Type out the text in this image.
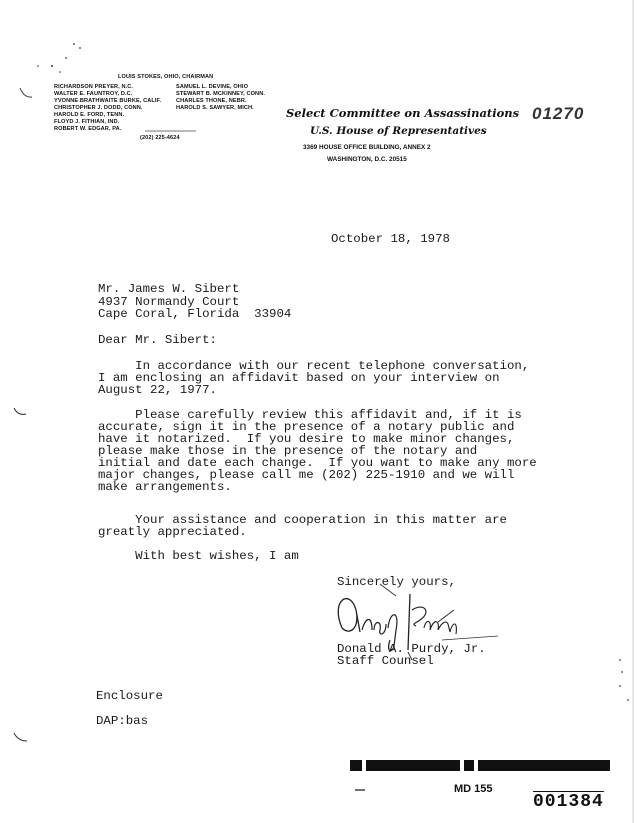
LOUIS STOKES, OHIO, CHAIRMAN
RICHARDSON PREYER, N.C.
WALTER E. FAUNTROY, D.C.
YVONNE BRATHWAITE BURKE, CALIF.
CHRISTOPHER J. DODD, CONN.
HAROLD E. FORD, TENN.
FLOYD J. FITHIAN, IND.
ROBERT W. EDGAR, PA.
SAMUEL L. DEVINE, OHIO
STEWART B. MCKINNEY, CONN.
CHARLES THONE, NEBR.
HAROLD S. SAWYER, MICH.
(202) 225-4624
Select Committee on Assassinations
U.S. House of Representatives
3369 HOUSE OFFICE BUILDING, ANNEX 2
WASHINGTON, D.C. 20515
01270
October 18, 1978
Mr. James W. Sibert
4937 Normandy Court
Cape Coral, Florida  33904
Dear Mr. Sibert:
In accordance with our recent telephone conversation,
I am enclosing an affidavit based on your interview on
August 22, 1977.
Please carefully review this affidavit and, if it is
accurate, sign it in the presence of a notary public and
have it notarized.  If you desire to make minor changes,
please make those in the presence of the notary and
initial and date each change.  If you want to make any more
major changes, please call me (202) 225-1910 and we will
make arrangements.
Your assistance and cooperation in this matter are
greatly appreciated.
With best wishes, I am
Sincerely yours,
Donald A. Purdy, Jr.
Staff Counsel
Enclosure
DAP:bas
MD 155
001384
